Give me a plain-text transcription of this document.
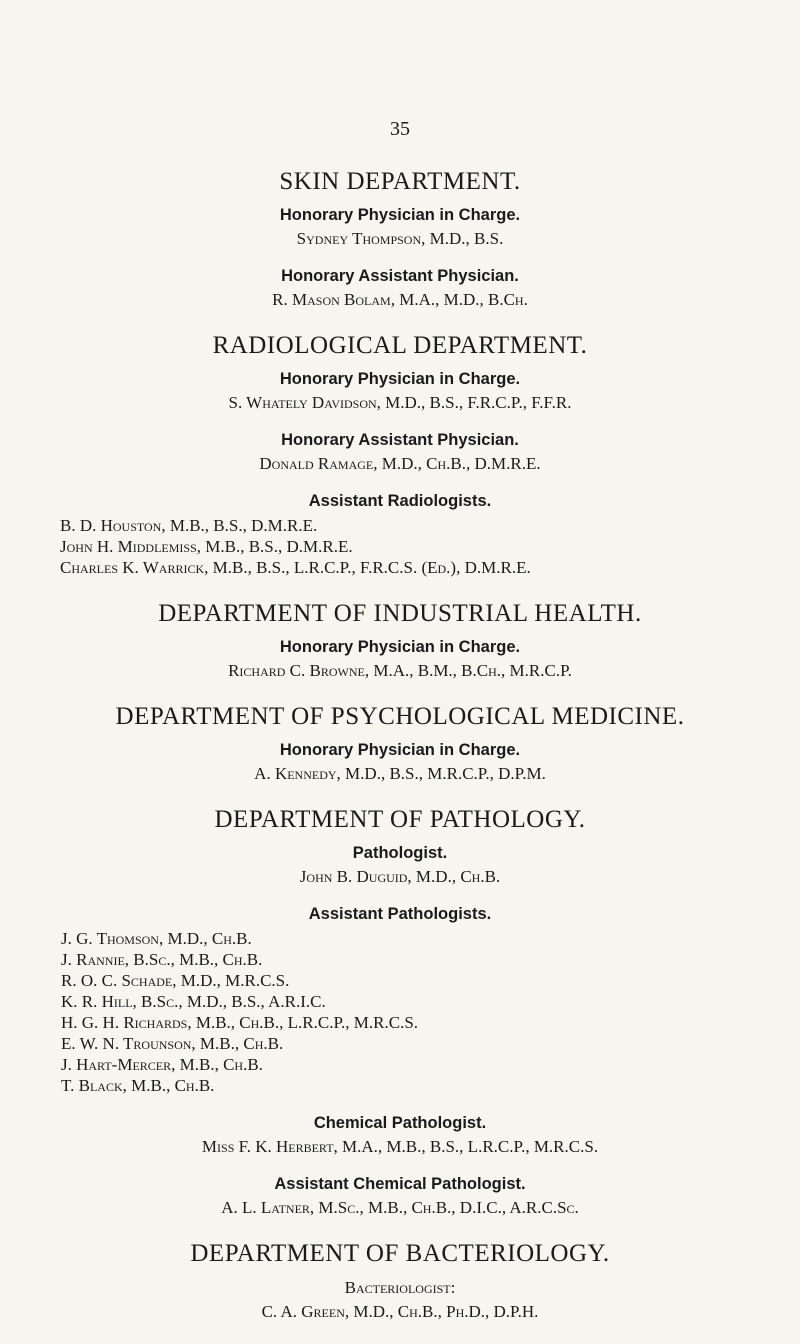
35
SKIN DEPARTMENT.
Honorary Physician in Charge.
Sydney Thompson, M.D., B.S.
Honorary Assistant Physician.
R. Mason Bolam, M.A., M.D., B.Ch.
RADIOLOGICAL DEPARTMENT.
Honorary Physician in Charge.
S. Whately Davidson, M.D., B.S., F.R.C.P., F.F.R.
Honorary Assistant Physician.
Donald Ramage, M.D., Ch.B., D.M.R.E.
Assistant Radiologists.
B. D. Houston, M.B., B.S., D.M.R.E.
John H. Middlemiss, M.B., B.S., D.M.R.E.
Charles K. Warrick, M.B., B.S., L.R.C.P., F.R.C.S. (Ed.), D.M.R.E.
DEPARTMENT OF INDUSTRIAL HEALTH.
Honorary Physician in Charge.
Richard C. Browne, M.A., B.M., B.Ch., M.R.C.P.
DEPARTMENT OF PSYCHOLOGICAL MEDICINE.
Honorary Physician in Charge.
A. Kennedy, M.D., B.S., M.R.C.P., D.P.M.
DEPARTMENT OF PATHOLOGY.
Pathologist.
John B. Duguid, M.D., Ch.B.
Assistant Pathologists.
J. G. Thomson, M.D., Ch.B.
J. Rannie, B.Sc., M.B., Ch.B.
R. O. C. Schade, M.D., M.R.C.S.
K. R. Hill, B.Sc., M.D., B.S., A.R.I.C.
H. G. H. Richards, M.B., Ch.B., L.R.C.P., M.R.C.S.
E. W. N. Trounson, M.B., Ch.B.
J. Hart-Mercer, M.B., Ch.B.
T. Black, M.B., Ch.B.
Chemical Pathologist.
Miss F. K. Herbert, M.A., M.B., B.S., L.R.C.P., M.R.C.S.
Assistant Chemical Pathologist.
A. L. Latner, M.Sc., M.B., Ch.B., D.I.C., A.R.C.Sc.
DEPARTMENT OF BACTERIOLOGY.
Bacteriologist:
C. A. Green, M.D., Ch.B., Ph.D., D.P.H.
